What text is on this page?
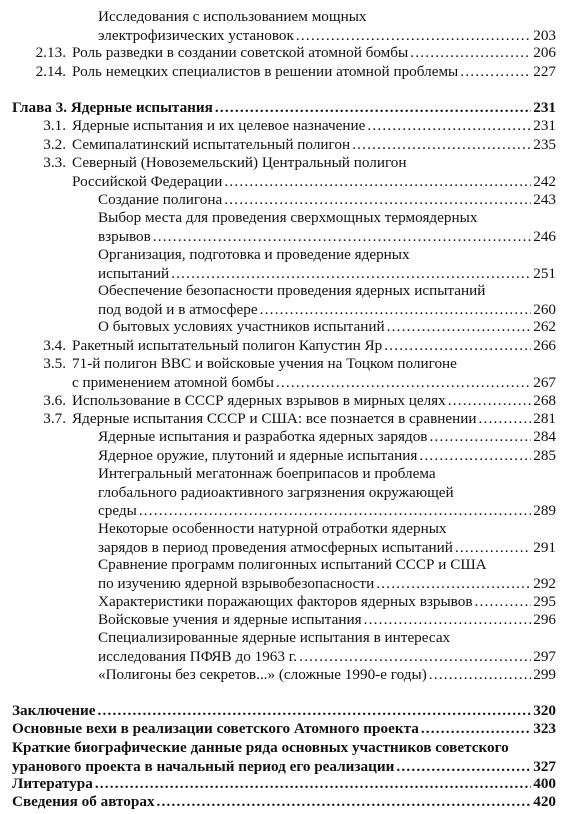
Исследования с использованием мощных
электрофизических установок .....	203
2.13. Роль разведки в создании советской атомной бомбы .....	206
2.14. Роль немецких специалистов в решении атомной проблемы .....	227
Глава 3. Ядерные испытания .....	231
3.1. Ядерные испытания и их целевое назначение .....	231
3.2. Семипалатинский испытательный полигон .....	235
3.3. Северный (Новоземельский) Центральный полигон
Российской Федерации .....	242
Создание полигона .....	243
Выбор места для проведения сверхмощных термоядерных
взрывов .....	246
Организация, подготовка и проведение ядерных
испытаний .....	251
Обеспечение безопасности проведения ядерных испытаний
под водой и в атмосфере .....	260
О бытовых условиях участников испытаний .....	262
3.4. Ракетный испытательный полигон Капустин Яр .....	266
3.5. 71-й полигон ВВС и войсковые учения на Тоцком полигоне
с применением атомной бомбы .....	267
3.6. Использование в СССР ядерных взрывов в мирных целях .....	268
3.7. Ядерные испытания СССР и США: все познается в сравнении .....	281
Ядерные испытания и разработка ядерных зарядов .....	284
Ядерное оружие, плутоний и ядерные испытания .....	285
Интегральный мегатоннаж боеприпасов и проблема
глобального радиоактивного загрязнения окружающей
среды .....	289
Некоторые особенности натурной отработки ядерных
зарядов в период проведения атмосферных испытаний .....	291
Сравнение программ полигонных испытаний СССР и США
по изучению ядерной взрывобезопасности .....	292
Характеристики поражающих факторов ядерных взрывов .....	295
Войсковые учения и ядерные испытания .....	296
Специализированные ядерные испытания в интересах
исследования ПФЯВ до 1963 г. .....	297
«Полигоны без секретов...» (сложные 1990-е годы) .....	299
Заключение .....	320
Основные вехи в реализации советского Атомного проекта .....	323
Краткие биографические данные ряда основных участников советского
уранового проекта в начальный период его реализации .....	327
Литература .....	400
Сведения об авторах .....	420
